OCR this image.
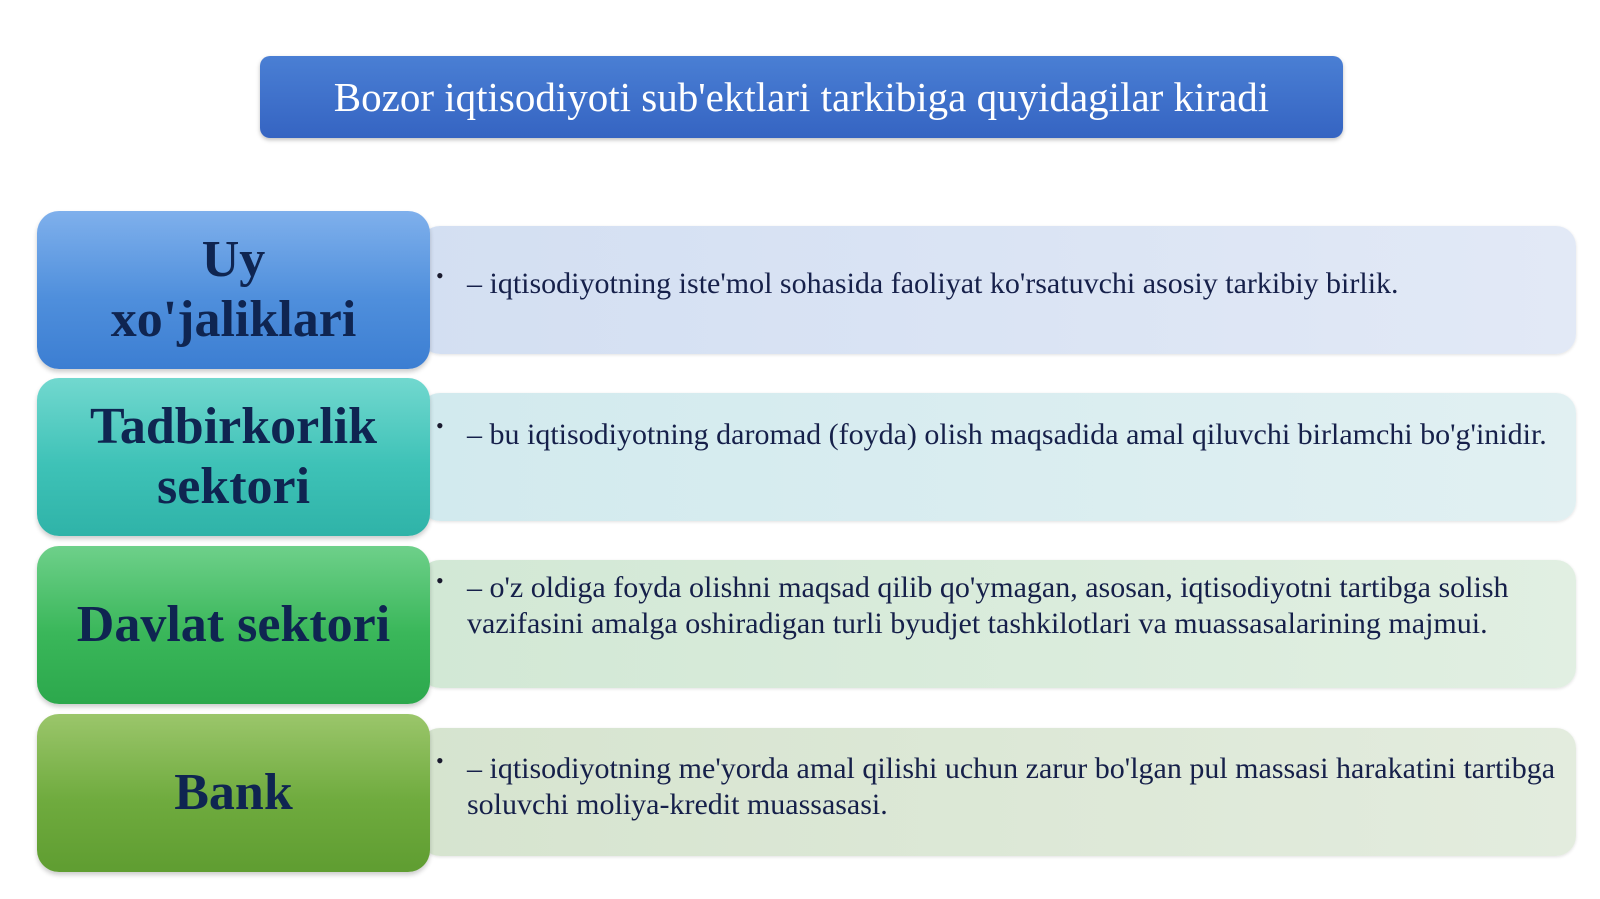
Bozor iqtisodiyoti sub'ektlari tarkibiga quyidagilar kiradi
• – iqtisodiyotning iste'mol sohasida faoliyat ko'rsatuvchi asosiy tarkibiy birlik.
Uy
xo'jaliklari
• – bu iqtisodiyotning daromad (foyda) olish maqsadida amal qiluvchi birlamchi bo'g'inidir.
Tadbirkorlik
sektori
• – o'z oldiga foyda olishni maqsad qilib qo'ymagan, asosan, iqtisodiyotni tartibga solish vazifasini amalga oshiradigan turli byudjet tashkilotlari va muassasalarining majmui.
Davlat sektori
• – iqtisodiyotning me'yorda amal qilishi uchun zarur bo'lgan pul massasi harakatini tartibga soluvchi moliya-kredit muassasasi.
Bank
